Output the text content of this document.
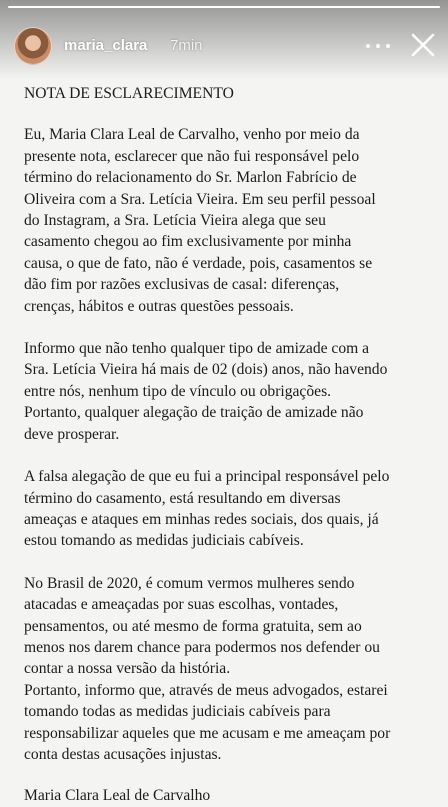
maria_clara 7min

NOTA DE ESCLARECIMENTO

Eu, Maria Clara Leal de Carvalho, venho por meio da
presente nota, esclarecer que não fui responsável pelo
término do relacionamento do Sr. Marlon Fabrício de
Oliveira com a Sra. Letícia Vieira. Em seu perfil pessoal
do Instagram, a Sra. Letícia Vieira alega que seu
casamento chegou ao fim exclusivamente por minha
causa, o que de fato, não é verdade, pois, casamentos se
dão fim por razões exclusivas de casal: diferenças,
crenças, hábitos e outras questões pessoais.

Informo que não tenho qualquer tipo de amizade com a
Sra. Letícia Vieira há mais de 02 (dois) anos, não havendo
entre nós, nenhum tipo de vínculo ou obrigações.
Portanto, qualquer alegação de traição de amizade não
deve prosperar.

A falsa alegação de que eu fui a principal responsável pelo
término do casamento, está resultando em diversas
ameaças e ataques em minhas redes sociais, dos quais, já
estou tomando as medidas judiciais cabíveis.

No Brasil de 2020, é comum vermos mulheres sendo
atacadas e ameaçadas por suas escolhas, vontades,
pensamentos, ou até mesmo de forma gratuita, sem ao
menos nos darem chance para podermos nos defender ou
contar a nossa versão da história.

Portanto, informo que, através de meus advogados, estarei
tomando todas as medidas judiciais cabíveis para
responsabilizar aqueles que me acusam e me ameaçam por
conta destas acusações injustas.

Maria Clara Leal de Carvalho
